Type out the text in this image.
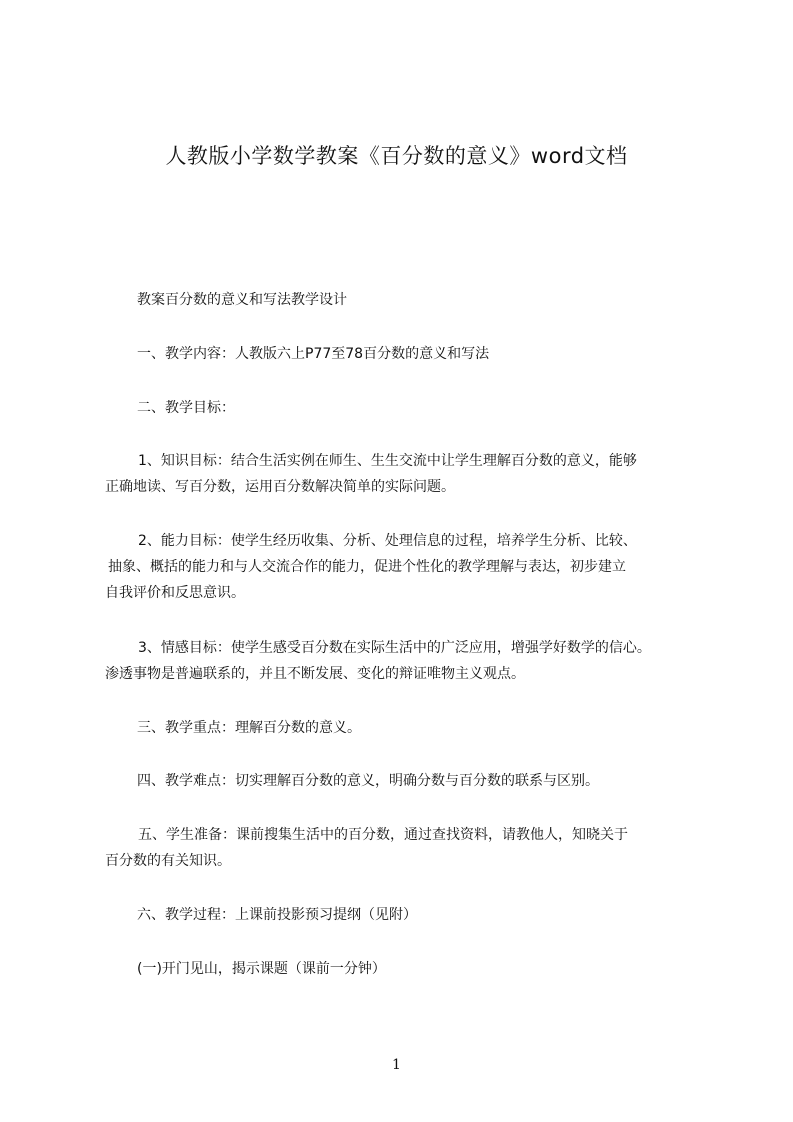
人教版小学数学教案《百分数的意义》word文档
教案百分数的意义和写法教学设计
一、教学内容：人教版六上P77至78百分数的意义和写法
二、教学目标：
1、知识目标：结合生活实例在师生、生生交流中让学生理解百分数的意义，能够
正确地读、写百分数，运用百分数解决简单的实际问题。
2、能力目标：使学生经历收集、分析、处理信息的过程，培养学生分析、比较、
抽象、概括的能力和与人交流合作的能力，促进个性化的教学理解与表达，初步建立
自我评价和反思意识。
3、情感目标：使学生感受百分数在实际生活中的广泛应用，增强学好数学的信心。
渗透事物是普遍联系的，并且不断发展、变化的辩证唯物主义观点。
三、教学重点：理解百分数的意义。
四、教学难点：切实理解百分数的意义，明确分数与百分数的联系与区别。
五、学生准备：课前搜集生活中的百分数，通过查找资料，请教他人，知晓关于
百分数的有关知识。
六、教学过程：上课前投影预习提纲（见附）
(一)开门见山，揭示课题（课前一分钟）
1
